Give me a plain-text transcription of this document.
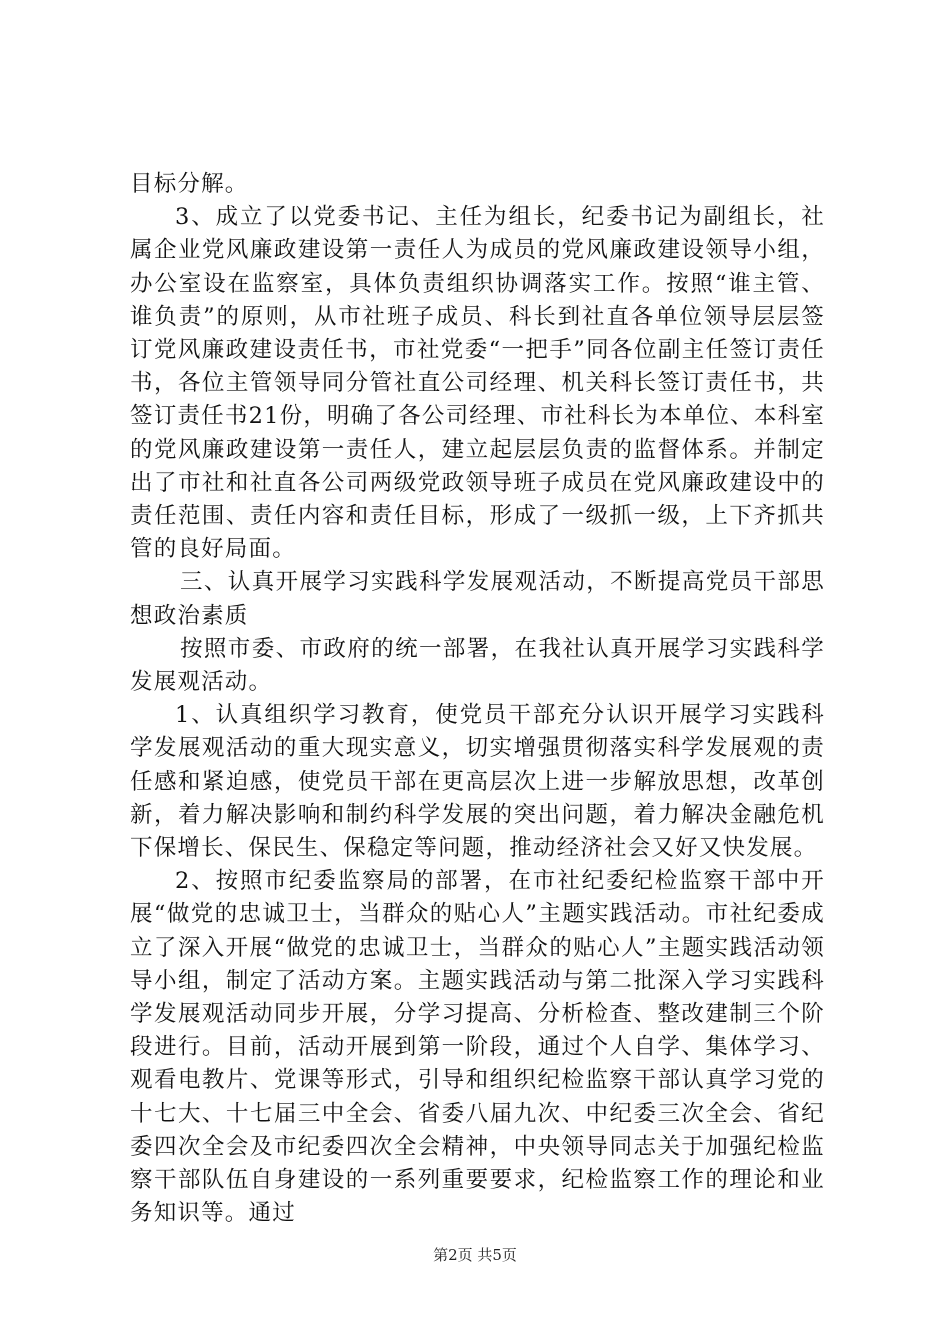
目标分解。

3、成立了以党委书记、主任为组长，纪委书记为副组长，社属企业党风廉政建设第一责任人为成员的党风廉政建设领导小组，办公室设在监察室，具体负责组织协调落实工作。按照“谁主管、谁负责”的原则，从市社班子成员、科长到社直各单位领导层层签订党风廉政建设责任书，市社党委“一把手”同各位副主任签订责任书，各位主管领导同分管社直公司经理、机关科长签订责任书，共签订责任书21份，明确了各公司经理、市社科长为本单位、本科室的党风廉政建设第一责任人，建立起层层负责的监督体系。并制定出了市社和社直各公司两级党政领导班子成员在党风廉政建设中的责任范围、责任内容和责任目标，形成了一级抓一级，上下齐抓共管的良好局面。

三、认真开展学习实践科学发展观活动，不断提高党员干部思想政治素质

按照市委、市政府的统一部署，在我社认真开展学习实践科学发展观活动。

1、认真组织学习教育，使党员干部充分认识开展学习实践科学发展观活动的重大现实意义，切实增强贯彻落实科学发展观的责任感和紧迫感，使党员干部在更高层次上进一步解放思想，改革创新，着力解决影响和制约科学发展的突出问题，着力解决金融危机下保增长、保民生、保稳定等问题，推动经济社会又好又快发展。

2、按照市纪委监察局的部署，在市社纪委纪检监察干部中开展“做党的忠诚卫士，当群众的贴心人”主题实践活动。市社纪委成立了深入开展“做党的忠诚卫士，当群众的贴心人”主题实践活动领导小组，制定了活动方案。主题实践活动与第二批深入学习实践科学发展观活动同步开展，分学习提高、分析检查、整改建制三个阶段进行。目前，活动开展到第一阶段，通过个人自学、集体学习、观看电教片、党课等形式，引导和组织纪检监察干部认真学习党的十七大、十七届三中全会、省委八届九次、中纪委三次全会、省纪委四次全会及市纪委四次全会精神，中央领导同志关于加强纪检监察干部队伍自身建设的一系列重要要求，纪检监察工作的理论和业务知识等。通过

第2页 共5页
